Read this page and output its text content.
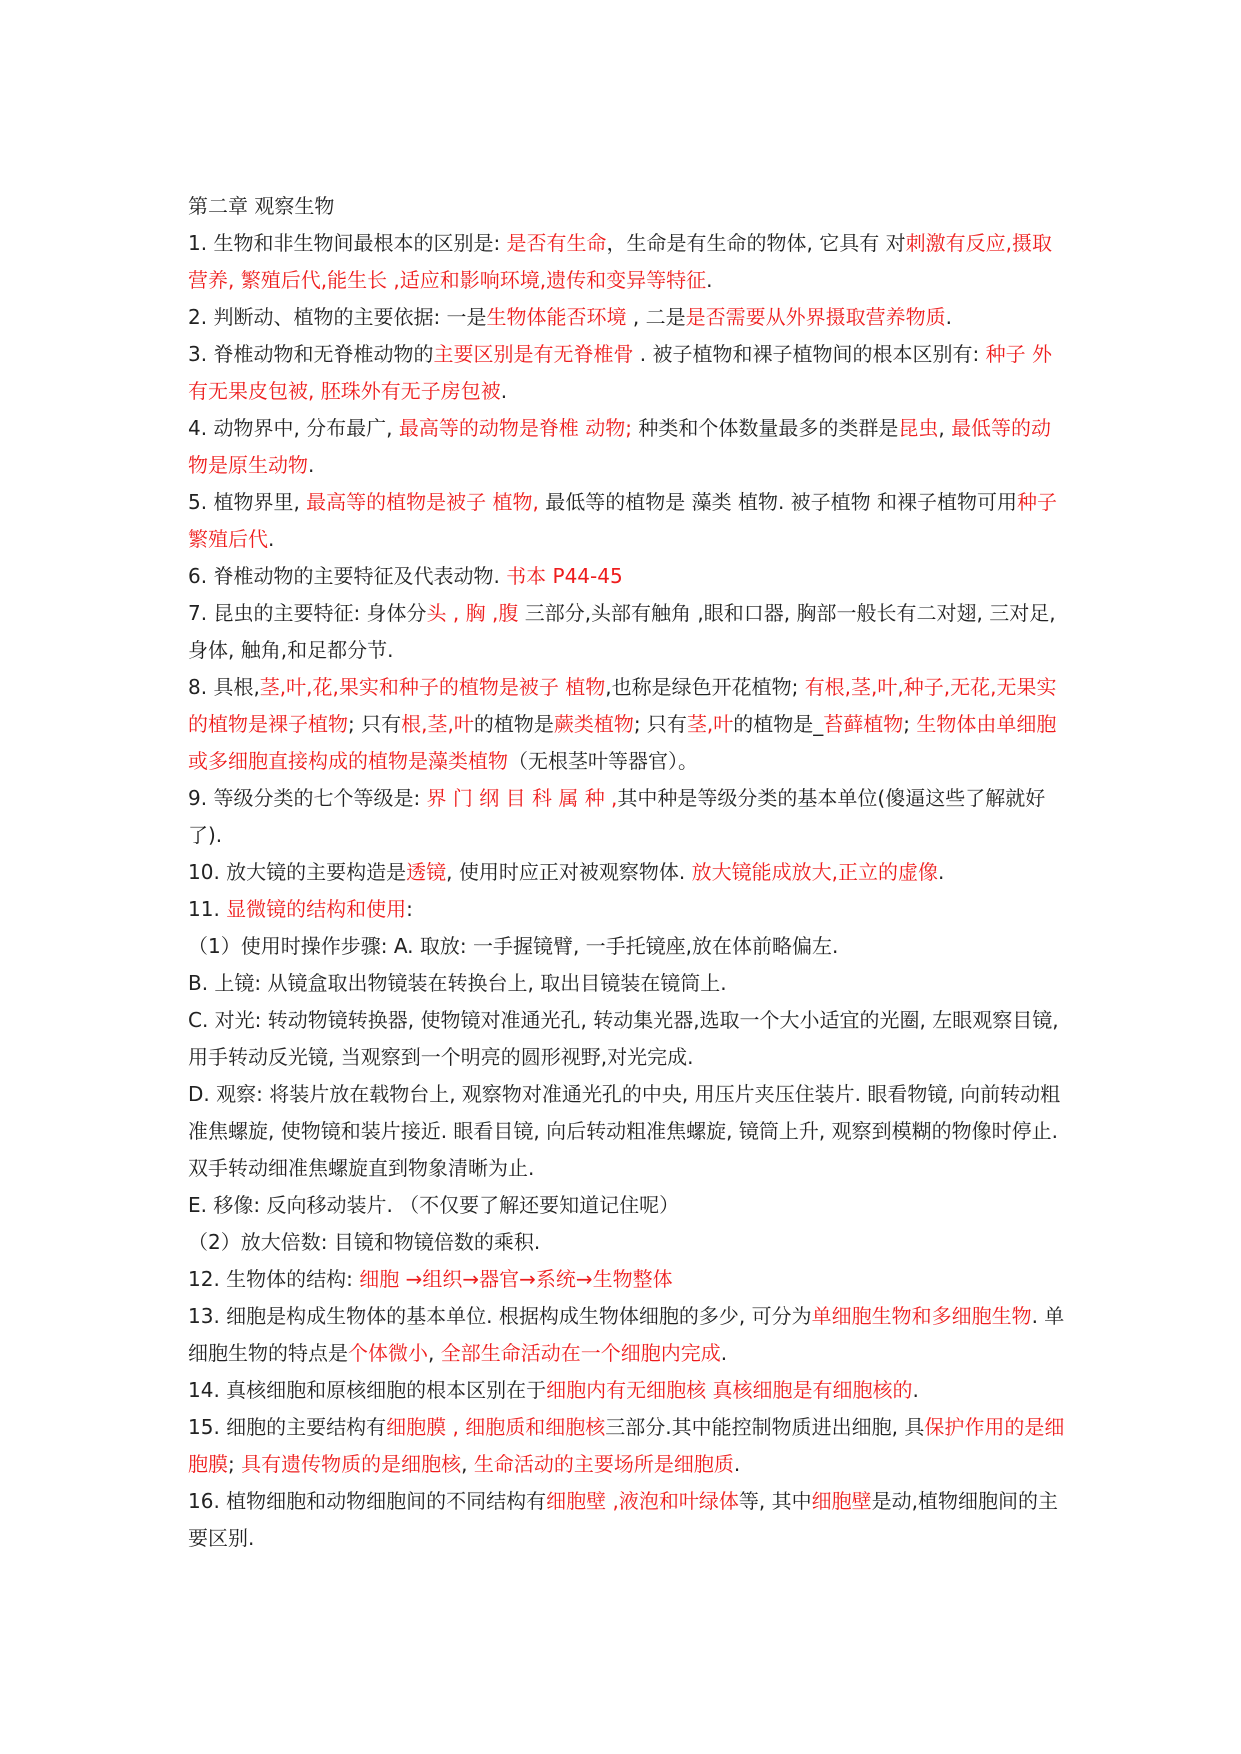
第二章 观察生物
1. 生物和非生物间最根本的区别是: 是否有生命，生命是有生命的物体, 它具有 对刺激有反应,摄取营养, 繁殖后代,能生长 ,适应和影响环境,遗传和变异等特征.
2. 判断动、植物的主要依据: 一是生物体能否环境 , 二是是否需要从外界摄取营养物质.
3. 脊椎动物和无脊椎动物的主要区别是有无脊椎骨 . 被子植物和裸子植物间的根本区别有: 种子 外有无果皮包被, 胚珠外有无子房包被.
4. 动物界中, 分布最广, 最高等的动物是脊椎 动物; 种类和个体数量最多的类群是昆虫, 最低等的动物是原生动物.
5. 植物界里, 最高等的植物是被子 植物, 最低等的植物是 藻类 植物. 被子植物 和裸子植物可用种子繁殖后代.
6. 脊椎动物的主要特征及代表动物. 书本 P44-45
7. 昆虫的主要特征: 身体分头 , 胸 ,腹 三部分,头部有触角 ,眼和口器, 胸部一般长有二对翅, 三对足, 身体, 触角,和足都分节.
8. 具根,茎,叶,花,果实和种子的植物是被子 植物,也称是绿色开花植物; 有根,茎,叶,种子,无花,无果实的植物是裸子植物; 只有根,茎,叶的植物是蕨类植物; 只有茎,叶的植物是_苔藓植物; 生物体由单细胞或多细胞直接构成的植物是藻类植物（无根茎叶等器官）。
9. 等级分类的七个等级是: 界 门 纲 目 科 属 种 ,其中种是等级分类的基本单位(傻逼这些了解就好了).
10. 放大镜的主要构造是透镜, 使用时应正对被观察物体. 放大镜能成放大,正立的虚像.
11. 显微镜的结构和使用:
（1）使用时操作步骤: A. 取放: 一手握镜臂, 一手托镜座,放在体前略偏左.
B. 上镜: 从镜盒取出物镜装在转换台上, 取出目镜装在镜筒上.
C. 对光: 转动物镜转换器, 使物镜对准通光孔, 转动集光器,选取一个大小适宜的光圈, 左眼观察目镜, 用手转动反光镜, 当观察到一个明亮的圆形视野,对光完成.
D. 观察: 将装片放在载物台上, 观察物对准通光孔的中央, 用压片夹压住装片. 眼看物镜, 向前转动粗准焦螺旋, 使物镜和装片接近. 眼看目镜, 向后转动粗准焦螺旋, 镜筒上升, 观察到模糊的物像时停止. 双手转动细准焦螺旋直到物象清晰为止.
E. 移像: 反向移动装片. （不仅要了解还要知道记住呢）
（2）放大倍数: 目镜和物镜倍数的乘积.
12. 生物体的结构: 细胞 →组织→器官→系统→生物整体
13. 细胞是构成生物体的基本单位. 根据构成生物体细胞的多少, 可分为单细胞生物和多细胞生物. 单细胞生物的特点是个体微小, 全部生命活动在一个细胞内完成.
14. 真核细胞和原核细胞的根本区别在于细胞内有无细胞核 真核细胞是有细胞核的.
15. 细胞的主要结构有细胞膜 , 细胞质和细胞核三部分.其中能控制物质进出细胞, 具保护作用的是细胞膜; 具有遗传物质的是细胞核, 生命活动的主要场所是细胞质.
16. 植物细胞和动物细胞间的不同结构有细胞壁 ,液泡和叶绿体等, 其中细胞壁是动,植物细胞间的主要区别.
